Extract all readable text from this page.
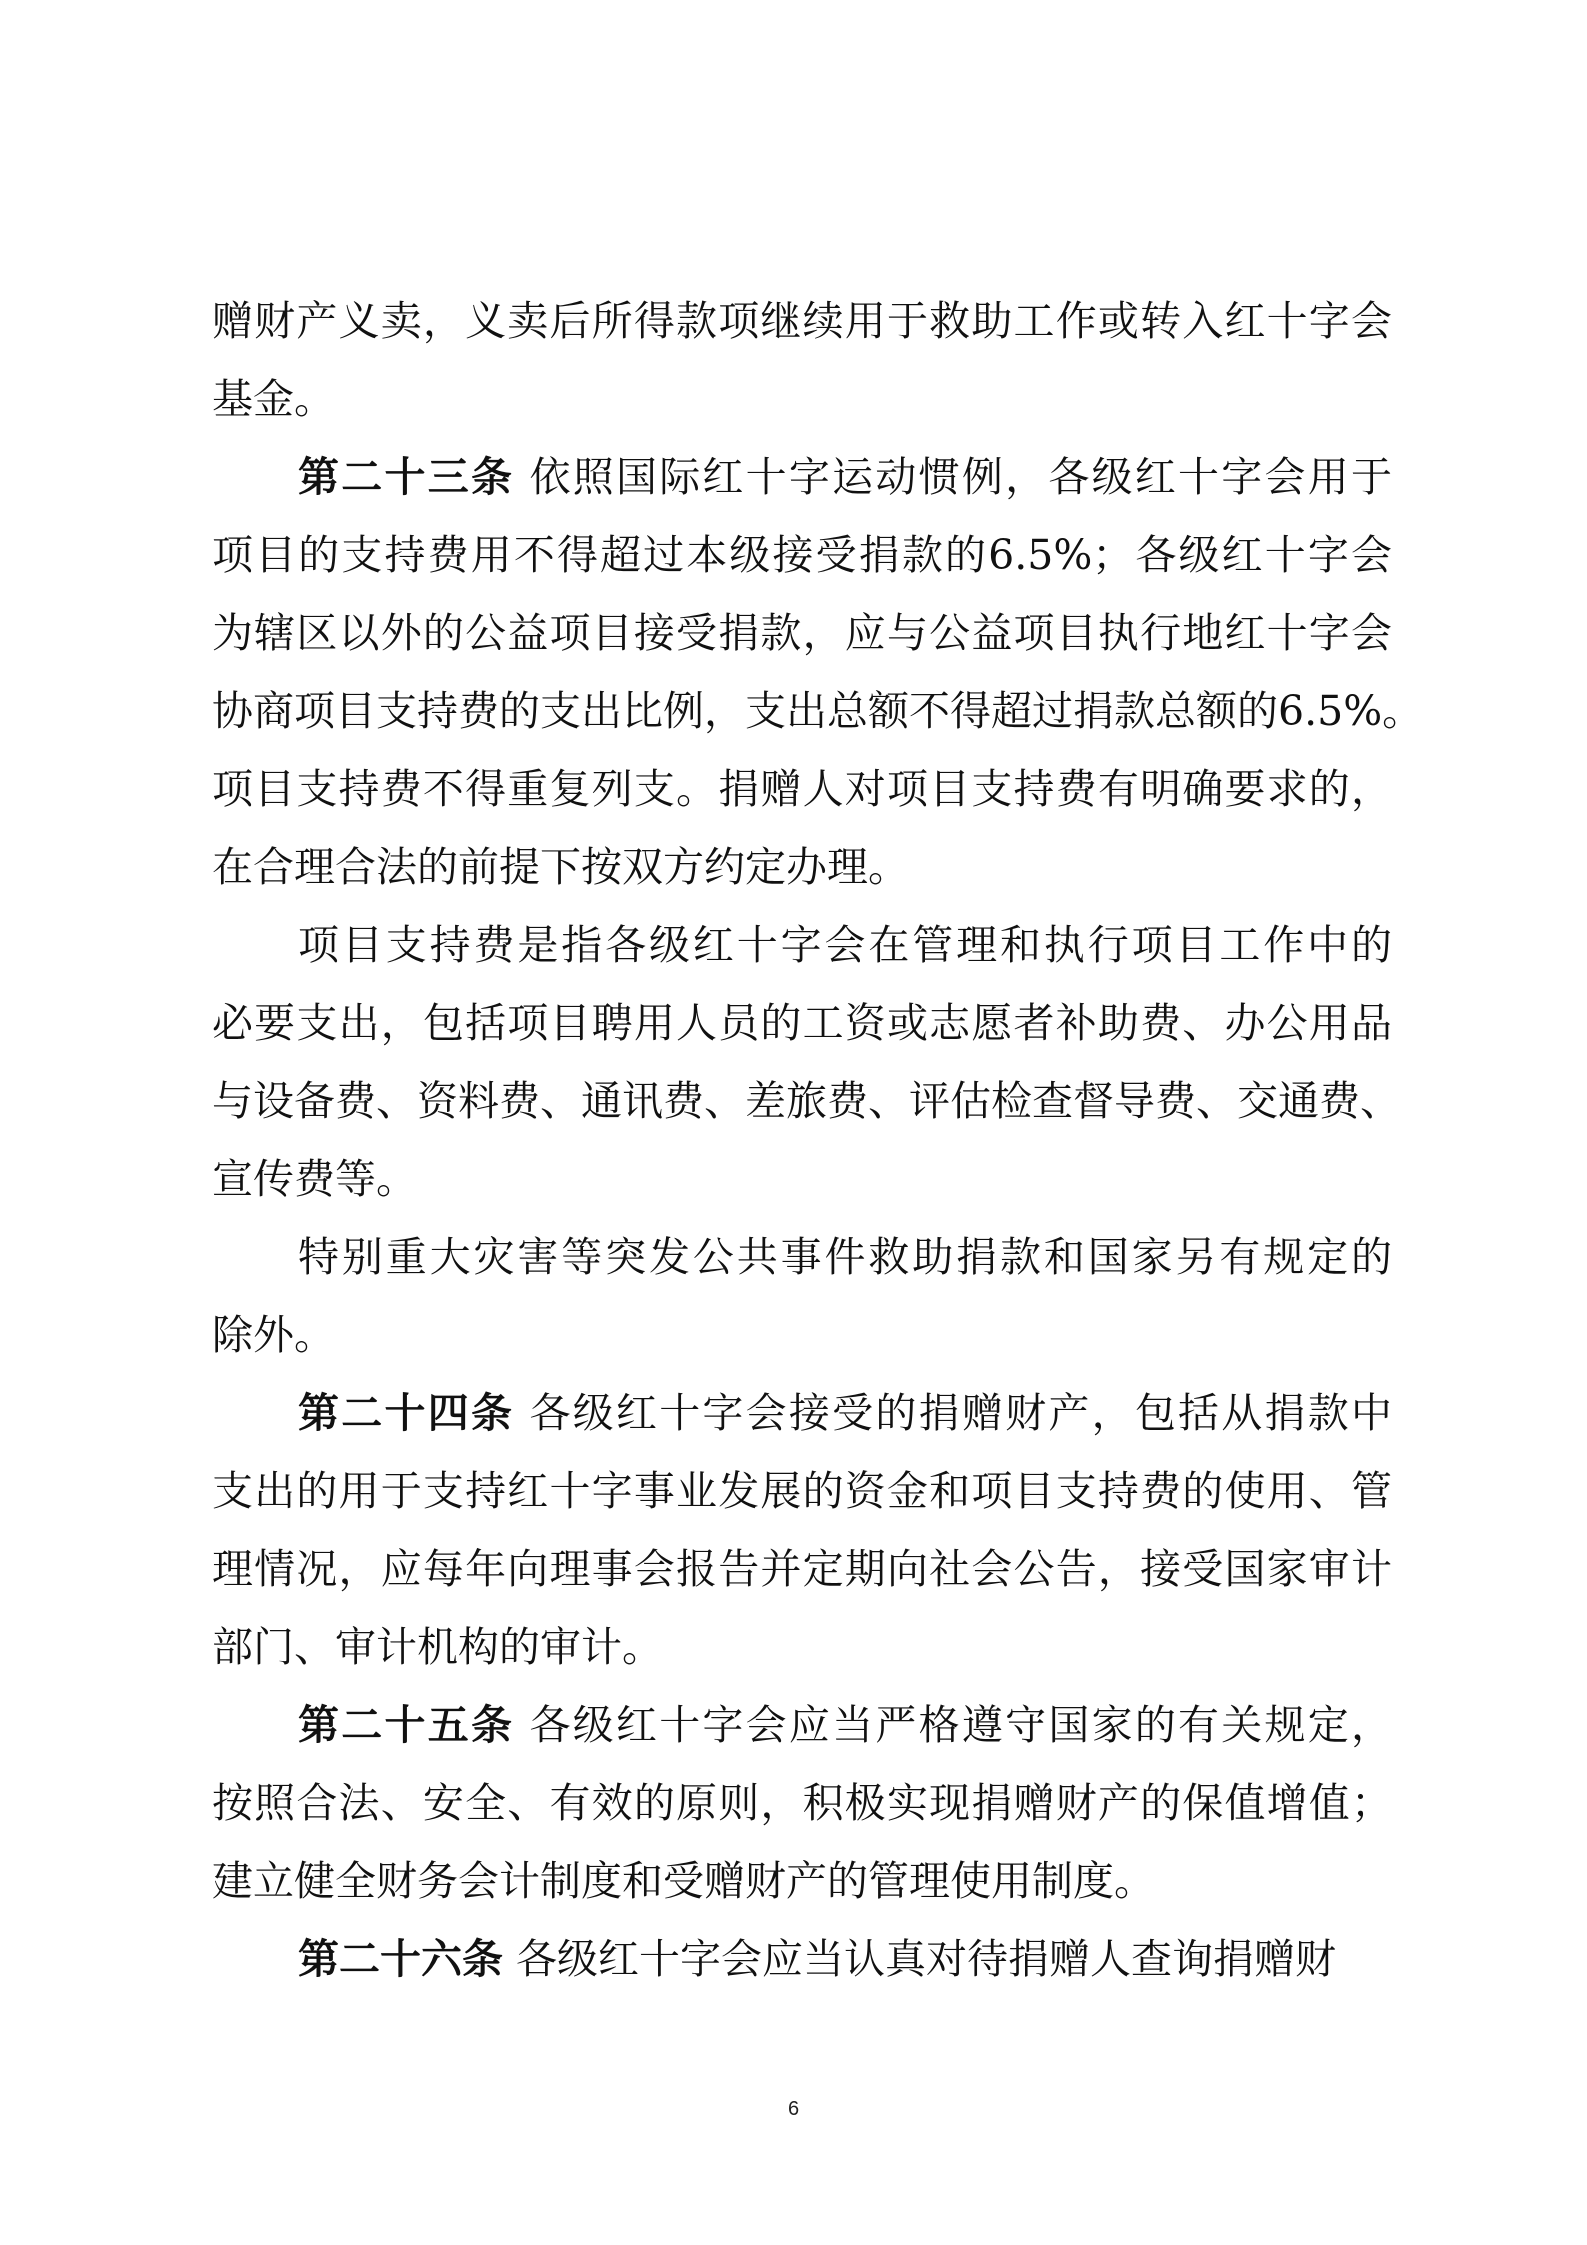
赠财产义卖，义卖后所得款项继续用于救助工作或转入红十字会
基金。
第二十三条 依照国际红十字运动惯例，各级红十字会用于
项目的支持费用不得超过本级接受捐款的6.5%；各级红十字会
为辖区以外的公益项目接受捐款，应与公益项目执行地红十字会
协商项目支持费的支出比例，支出总额不得超过捐款总额的6.5%。
项目支持费不得重复列支。捐赠人对项目支持费有明确要求的，
在合理合法的前提下按双方约定办理。
项目支持费是指各级红十字会在管理和执行项目工作中的
必要支出，包括项目聘用人员的工资或志愿者补助费、办公用品
与设备费、资料费、通讯费、差旅费、评估检查督导费、交通费、
宣传费等。
特别重大灾害等突发公共事件救助捐款和国家另有规定的
除外。
第二十四条 各级红十字会接受的捐赠财产，包括从捐款中
支出的用于支持红十字事业发展的资金和项目支持费的使用、管
理情况，应每年向理事会报告并定期向社会公告，接受国家审计
部门、审计机构的审计。
第二十五条 各级红十字会应当严格遵守国家的有关规定，
按照合法、安全、有效的原则，积极实现捐赠财产的保值增值；
建立健全财务会计制度和受赠财产的管理使用制度。
第二十六条 各级红十字会应当认真对待捐赠人查询捐赠财
6
